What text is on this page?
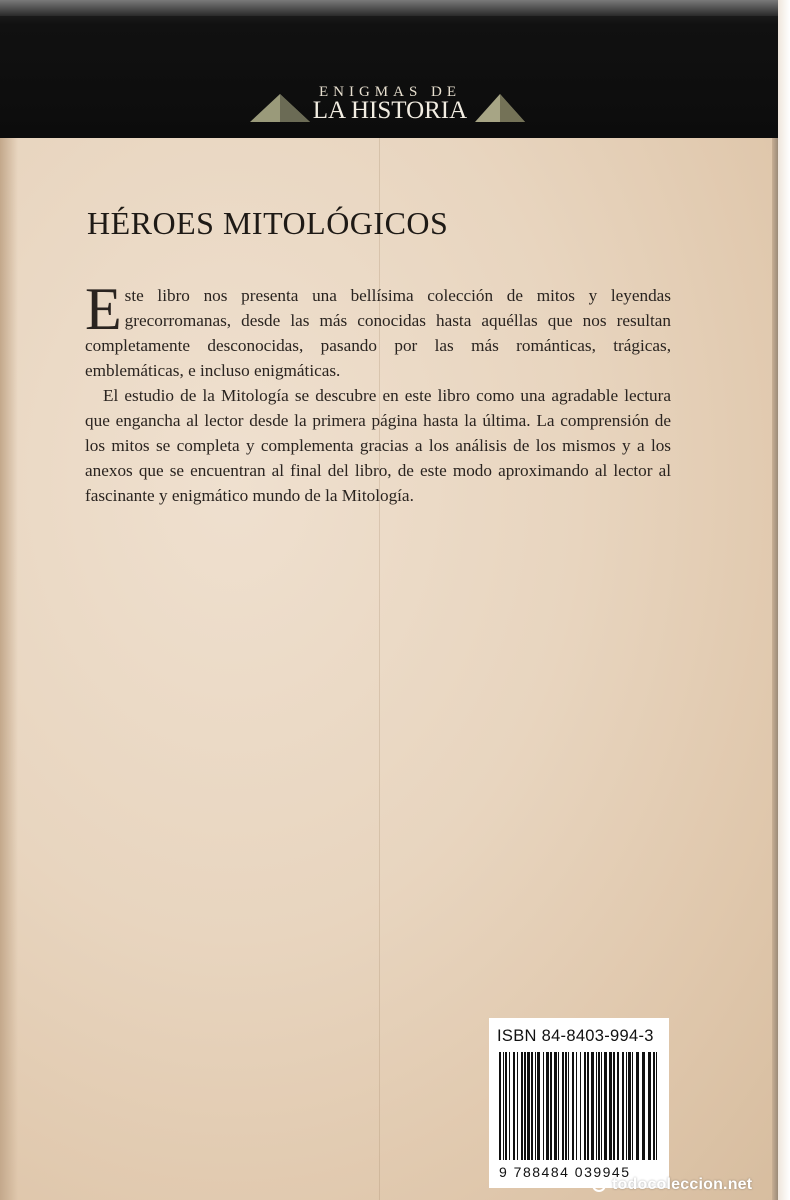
ENIGMAS DE
LA HISTORIA
HÉROES MITOLÓGICOS

E ste libro nos presenta una bellísima colección de mitos y leyendas grecorromanas, desde las más conocidas hasta aquéllas que nos resultan completamente desconocidas, pasando por las más románticas, trágicas, emblemáticas, e incluso enigmáticas.

El estudio de la Mitología se descubre en este libro como una agradable lectura que engancha al lector desde la primera página hasta la última. La comprensión de los mitos se completa y complementa gracias a los análisis de los mismos y a los anexos que se encuentran al final del libro, de este modo aproximando al lector al fascinante y enigmático mundo de la Mitología.

ISBN 84-8403-994-3
9 788484 039945
todocoleccion.net
